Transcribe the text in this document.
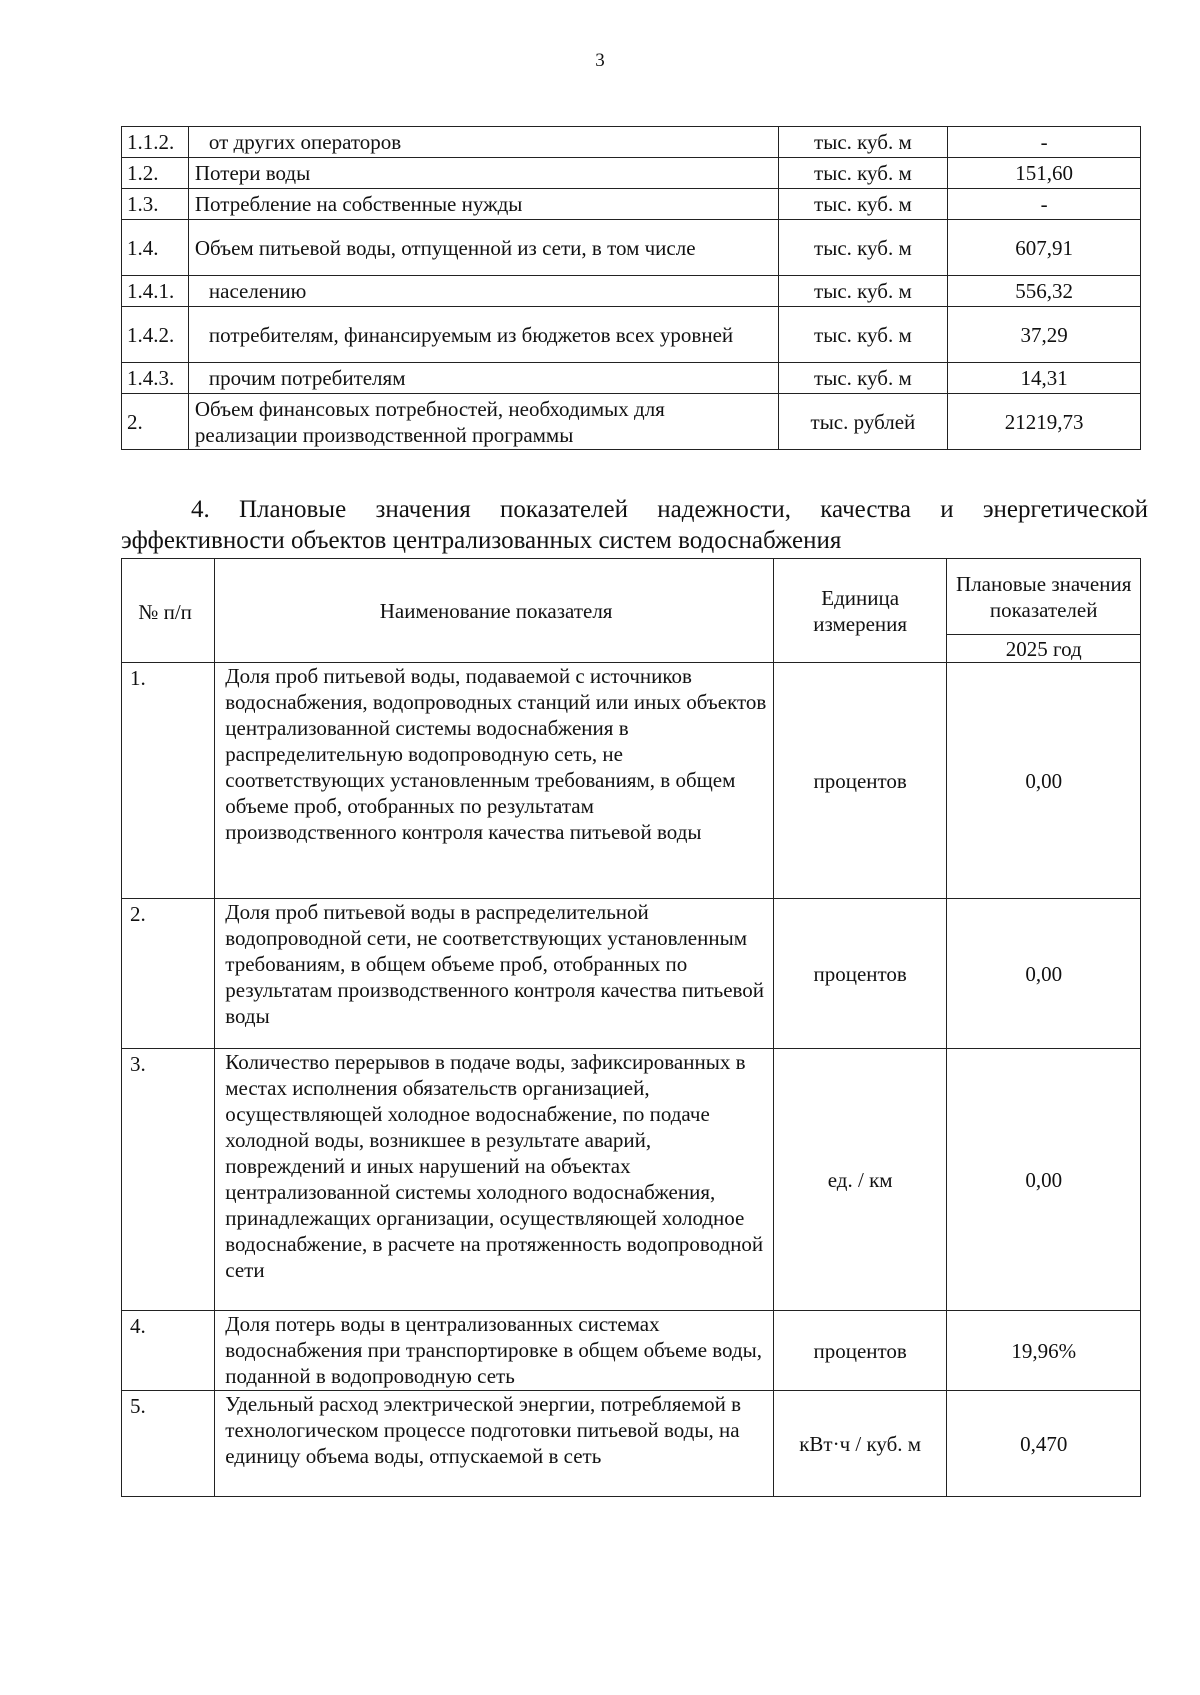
3
1.1.2.	от других операторов	тыс. куб. м	-
1.2.	Потери воды	тыс. куб. м	151,60
1.3.	Потребление на собственные нужды	тыс. куб. м	-
1.4.	Объем питьевой воды, отпущенной из сети, в том числе	тыс. куб. м	607,91
1.4.1.	населению	тыс. куб. м	556,32
1.4.2.	потребителям, финансируемым из бюджетов всех уровней	тыс. куб. м	37,29
1.4.3.	прочим потребителям	тыс. куб. м	14,31
2.	Объем финансовых потребностей, необходимых для реализации производственной программы	тыс. рублей	21219,73
4. Плановые значения показателей надежности, качества и энергетической эффективности объектов централизованных систем водоснабжения
№ п/п	Наименование показателя	Единица измерения	Плановые значения показателей
			2025 год
1.	Доля проб питьевой воды, подаваемой с источников водоснабжения, водопроводных станций или иных объектов централизованной системы водоснабжения в распределительную водопроводную сеть, не соответствующих установленным требованиям, в общем объеме проб, отобранных по результатам производственного контроля качества питьевой воды	процентов	0,00
2.	Доля проб питьевой воды в распределительной водопроводной сети, не соответствующих установленным требованиям, в общем объеме проб, отобранных по результатам производственного контроля качества питьевой воды	процентов	0,00
3.	Количество перерывов в подаче воды, зафиксированных в местах исполнения обязательств организацией, осуществляющей холодное водоснабжение, по подаче холодной воды, возникшее в результате аварий, повреждений и иных нарушений на объектах централизованной системы холодного водоснабжения, принадлежащих организации, осуществляющей холодное водоснабжение, в расчете на протяженность водопроводной сети	ед. / км	0,00
4.	Доля потерь воды в централизованных системах водоснабжения при транспортировке в общем объеме воды, поданной в водопроводную сеть	процентов	19,96%
5.	Удельный расход электрической энергии, потребляемой в технологическом процессе подготовки питьевой воды, на единицу объема воды, отпускаемой в сеть	кВт·ч / куб. м	0,470
